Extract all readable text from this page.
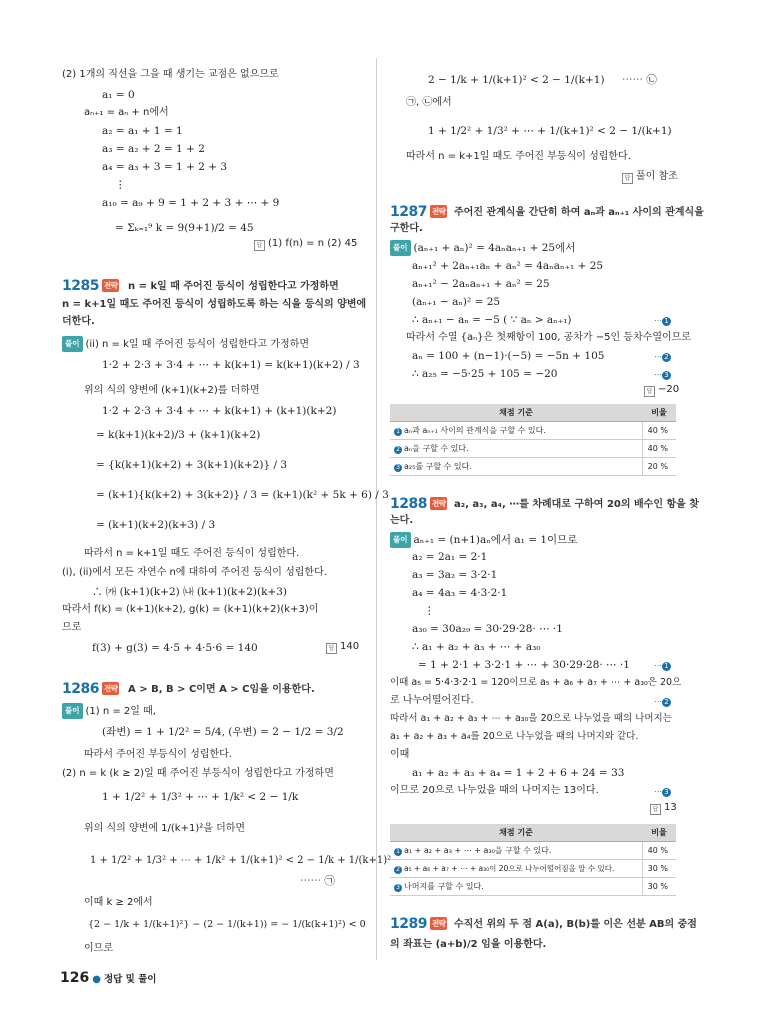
(2) 1개의 직선을 그을 때 생기는 교점은 없으므로
a₁ = 0
aₙ₊₁ = aₙ + n에서
a₂ = a₁ + 1 = 1
a₃ = a₂ + 2 = 1 + 2
a₄ = a₃ + 3 = 1 + 2 + 3
⋮
a₁₀ = a₉ + 9 = 1 + 2 + 3 + ⋯ + 9
= Σₖ₌₁⁹ k = 9(9+1)/2 = 45
답 (1) f(n) = n (2) 45
1285 전략	n = k일 때 주어진 등식이 성립한다고 가정하면
n = k+1일 때도 주어진 등식이 성립하도록 하는 식을 등식의 양변에
더한다.
풀이 (ii) n = k일 때 주어진 등식이 성립한다고 가정하면
1·2 + 2·3 + 3·4 + ⋯ + k(k+1) = k(k+1)(k+2) / 3
위의 식의 양변에 (k+1)(k+2)를 더하면
1·2 + 2·3 + 3·4 + ⋯ + k(k+1) + (k+1)(k+2)
= k(k+1)(k+2)/3 + (k+1)(k+2)
= {k(k+1)(k+2) + 3(k+1)(k+2)} / 3
= (k+1){k(k+2) + 3(k+2)} / 3 = (k+1)(k² + 5k + 6) / 3
= (k+1)(k+2)(k+3) / 3
따라서 n = k+1일 때도 주어진 등식이 성립한다.
(i), (ii)에서 모든 자연수 n에 대하여 주어진 등식이 성립한다.
∴ ㈎ (k+1)(k+2) ㈏ (k+1)(k+2)(k+3)
따라서 f(k) = (k+1)(k+2), g(k) = (k+1)(k+2)(k+3)이
므로
f(3) + g(3) = 4·5 + 4·5·6 = 140	답 140
1286 전략	A > B, B > C이면 A > C임을 이용한다.
풀이 (1) n = 2일 때,
(좌변) = 1 + 1/2² = 5/4, (우변) = 2 − 1/2 = 3/2
따라서 주어진 부등식이 성립한다.
(2) n = k (k ≥ 2)일 때 주어진 부등식이 성립한다고 가정하면
1 + 1/2² + 1/3² + ⋯ + 1/k² < 2 − 1/k
위의 식의 양변에 1/(k+1)²을 더하면
1 + 1/2² + 1/3² + ⋯ + 1/k² + 1/(k+1)² < 2 − 1/k + 1/(k+1)²
⋯⋯ ㉠
이때 k ≥ 2에서
{2 − 1/k + 1/(k+1)²} − (2 − 1/(k+1)) = − 1/(k(k+1)²) < 0
이므로
2 − 1/k + 1/(k+1)² < 2 − 1/(k+1) ⋯⋯ ㉡
㉠, ㉡에서
1 + 1/2² + 1/3² + ⋯ + 1/(k+1)² < 2 − 1/(k+1)
따라서 n = k+1일 때도 주어진 부등식이 성립한다.
답 풀이 참조
1287 전략 주어진 관계식을 간단히 하여 aₙ과 aₙ₊₁ 사이의 관계식을
구한다.
풀이 (aₙ₊₁ + aₙ)² = 4aₙaₙ₊₁ + 25에서
aₙ₊₁² + 2aₙ₊₁aₙ + aₙ² = 4aₙaₙ₊₁ + 25
aₙ₊₁² − 2aₙaₙ₊₁ + aₙ² = 25
(aₙ₊₁ − aₙ)² = 25
∴ aₙ₊₁ − aₙ = −5 ( ∵ aₙ > aₙ₊₁)	⋯ 1
따라서 수열 {aₙ}은 첫째항이 100, 공차가 −5인 등차수열이므로
aₙ = 100 + (n−1)·(−5) = −5n + 105	⋯ 2
∴ a₂₅ = −5·25 + 105 = −20	⋯ 3
답 −20
채점 기준	비율
1 aₙ과 aₙ₊₁ 사이의 관계식을 구할 수 있다.	40 %
2 aₙ을 구할 수 있다.	40 %
3 a₂₅를 구할 수 있다.	20 %
1288 전략 a₂, a₃, a₄, ⋯를 차례대로 구하여 20의 배수인 항을 찾
는다.
풀이 aₙ₊₁ = (n+1)aₙ에서 a₁ = 1이므로
a₂ = 2a₁ = 2·1
a₃ = 3a₂ = 3·2·1
a₄ = 4a₃ = 4·3·2·1
⋮
a₃₀ = 30a₂₉ = 30·29·28· ⋯ ·1
∴ a₁ + a₂ + a₃ + ⋯ + a₃₀
= 1 + 2·1 + 3·2·1 + ⋯ + 30·29·28· ⋯ ·1	⋯ 1
이때 a₅ = 5·4·3·2·1 = 120이므로 a₅ + a₆ + a₇ + ⋯ + a₃₀은 20으
로 나누어떨어진다.	⋯ 2
따라서 a₁ + a₂ + a₃ + ⋯ + a₃₀을 20으로 나누었을 때의 나머지는
a₁ + a₂ + a₃ + a₄를 20으로 나누었을 때의 나머지와 같다.
이때
a₁ + a₂ + a₃ + a₄ = 1 + 2 + 6 + 24 = 33
이므로 20으로 나누었을 때의 나머지는 13이다.	⋯ 3
답 13
채점 기준	비율
1 a₁ + a₂ + a₃ + ⋯ + a₃₀을 구할 수 있다.	40 %
2 a₅ + a₆ + a₇ + ⋯ + a₃₀이 20으로 나누어떨어짐을 알 수 있다.	30 %
3 나머지를 구할 수 있다.	30 %
1289 전략 수직선 위의 두 점 A(a), B(b)를 이은 선분 AB의 중점
의 좌표는 (a+b)/2 임을 이용한다.
126 ● 정답 및 풀이
